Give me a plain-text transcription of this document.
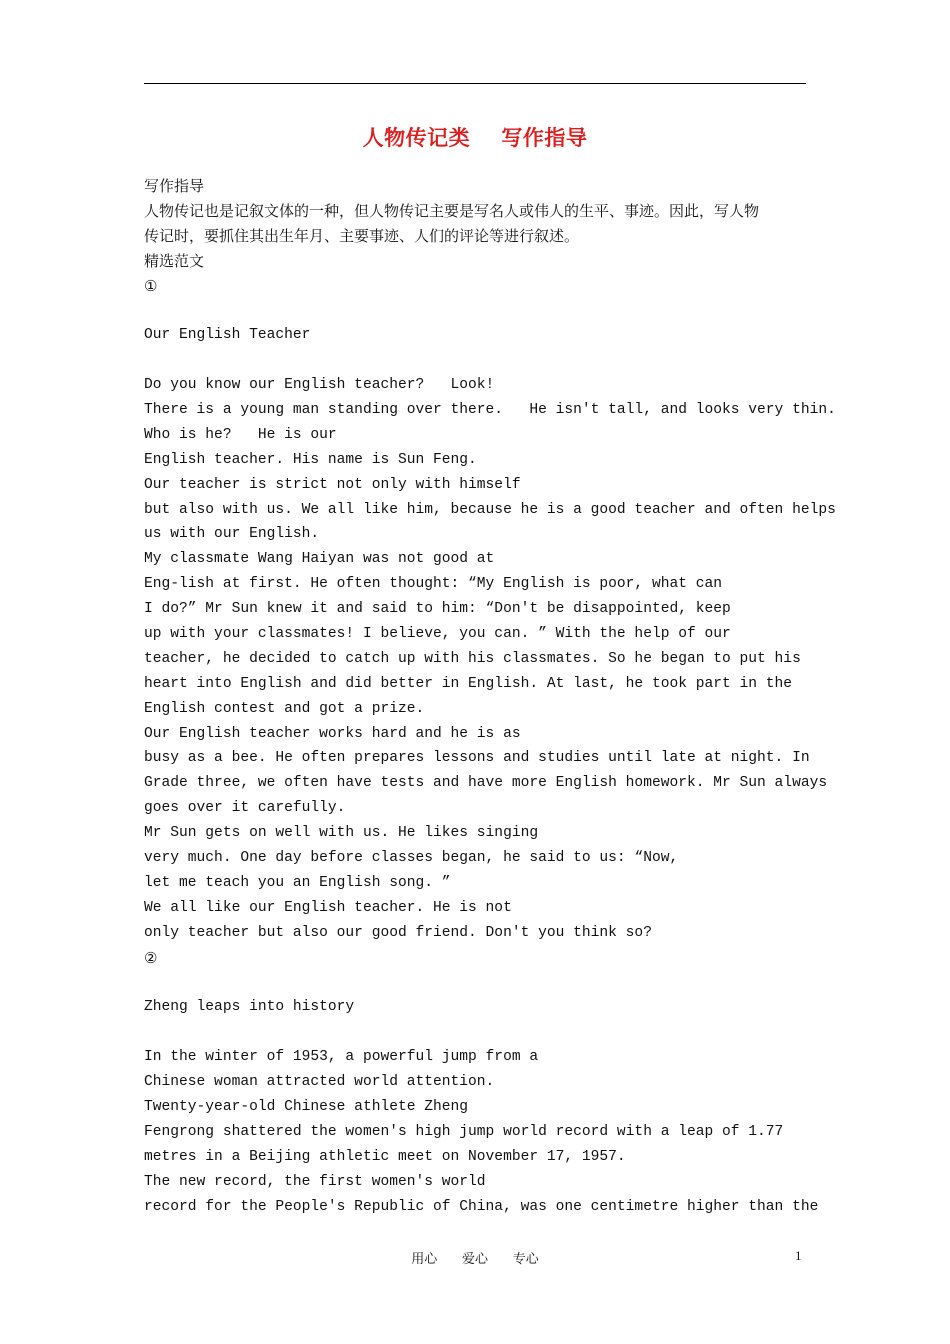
人物传记类    写作指导
写作指导
人物传记也是记叙文体的一种，但人物传记主要是写名人或伟人的生平、事迹。因此，写人物
传记时，要抓住其出生年月、主要事迹、人们的评论等进行叙述。
精选范文
①
Our English Teacher
Do you know our English teacher?   Look!
There is a young man standing over there.   He isn't tall, and looks very thin.
Who is he?   He is our
English teacher. His name is Sun Feng.
Our teacher is strict not only with himself
but also with us. We all like him, because he is a good teacher and often helps
us with our English.
My classmate Wang Haiyan was not good at
Eng-lish at first. He often thought: “My English is poor, what can
I do?” Mr Sun knew it and said to him: “Don't be disappointed, keep
up with your classmates! I believe, you can. ” With the help of our
teacher, he decided to catch up with his classmates. So he began to put his
heart into English and did better in English. At last, he took part in the
English contest and got a prize.
Our English teacher works hard and he is as
busy as a bee. He often prepares lessons and studies until late at night. In
Grade three, we often have tests and have more English homework. Mr Sun always
goes over it carefully.
Mr Sun gets on well with us. He likes singing
very much. One day before classes began, he said to us: “Now,
let me teach you an English song. ”
We all like our English teacher. He is not
only teacher but also our good friend. Don't you think so?
②
Zheng leaps into history
In the winter of 1953, a powerful jump from a
Chinese woman attracted world attention.
Twenty-year-old Chinese athlete Zheng
Fengrong shattered the women's high jump world record with a leap of 1.77
metres in a Beijing athletic meet on November 17, 1957.
The new record, the first women's world
record for the People's Republic of China, was one centimetre higher than the
用心      爱心      专心	1
